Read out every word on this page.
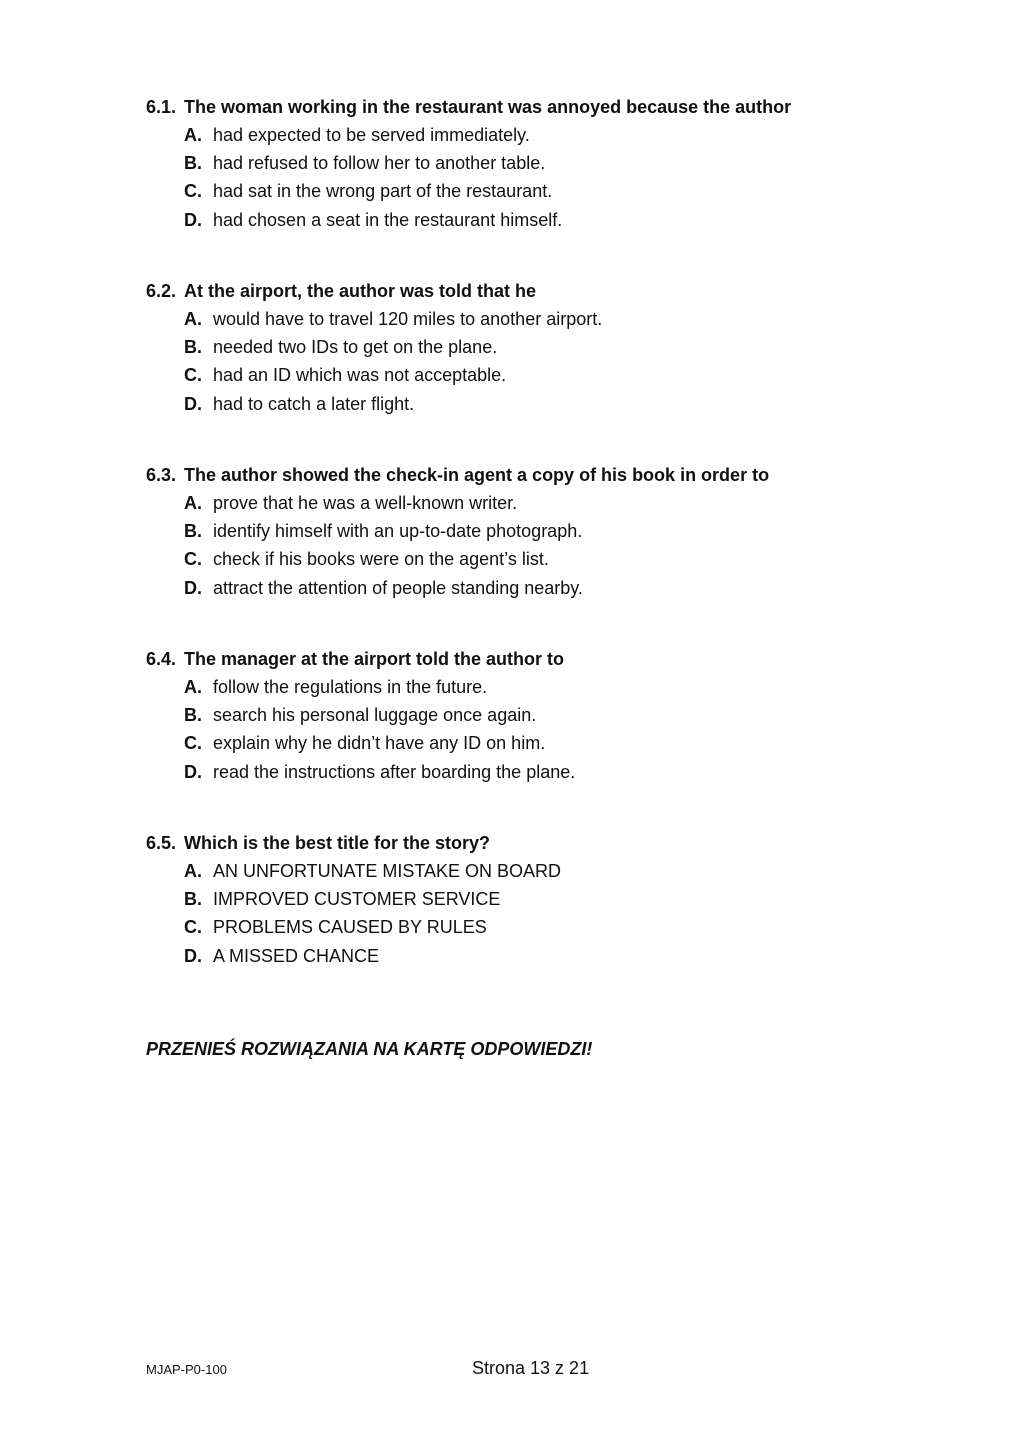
6.1. The woman working in the restaurant was annoyed because the author
A. had expected to be served immediately.
B. had refused to follow her to another table.
C. had sat in the wrong part of the restaurant.
D. had chosen a seat in the restaurant himself.
6.2. At the airport, the author was told that he
A. would have to travel 120 miles to another airport.
B. needed two IDs to get on the plane.
C. had an ID which was not acceptable.
D. had to catch a later flight.
6.3. The author showed the check-in agent a copy of his book in order to
A. prove that he was a well-known writer.
B. identify himself with an up-to-date photograph.
C. check if his books were on the agent’s list.
D. attract the attention of people standing nearby.
6.4. The manager at the airport told the author to
A. follow the regulations in the future.
B. search his personal luggage once again.
C. explain why he didn’t have any ID on him.
D. read the instructions after boarding the plane.
6.5. Which is the best title for the story?
A. AN UNFORTUNATE MISTAKE ON BOARD
B. IMPROVED CUSTOMER SERVICE
C. PROBLEMS CAUSED BY RULES
D. A MISSED CHANCE
PRZENIEŚ ROZWIĄZANIA NA KARTĘ ODPOWIEDZI!
MJAP-P0-100	Strona 13 z 21
